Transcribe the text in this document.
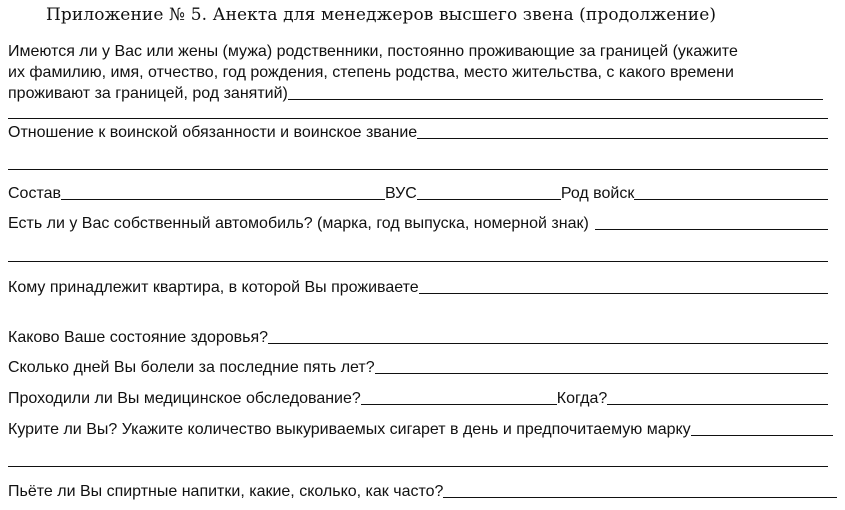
Приложение № 5. Анекта для менеджеров высшего звена (продолжение)
Имеются ли у Вас или жены (мужа) родственники, постоянно проживающие за границей (укажите
их фамилию, имя, отчество, год рождения, степень родства, место жительства, с какого времени
проживают за границей, род занятий)
Отношение к воинской обязанности и воинское звание
Состав	ВУС	Род войск
Есть ли у Вас собственный автомобиль? (марка, год выпуска, номерной знак)
Кому принадлежит квартира, в которой Вы проживаете
Каково Ваше состояние здоровья?
Сколько дней Вы болели за последние пять лет?
Проходили ли Вы медицинское обследование?	Когда?
Курите ли Вы? Укажите количество выкуриваемых сигарет в день и предпочитаемую марку
Пьёте ли Вы спиртные напитки, какие, сколько, как часто?
